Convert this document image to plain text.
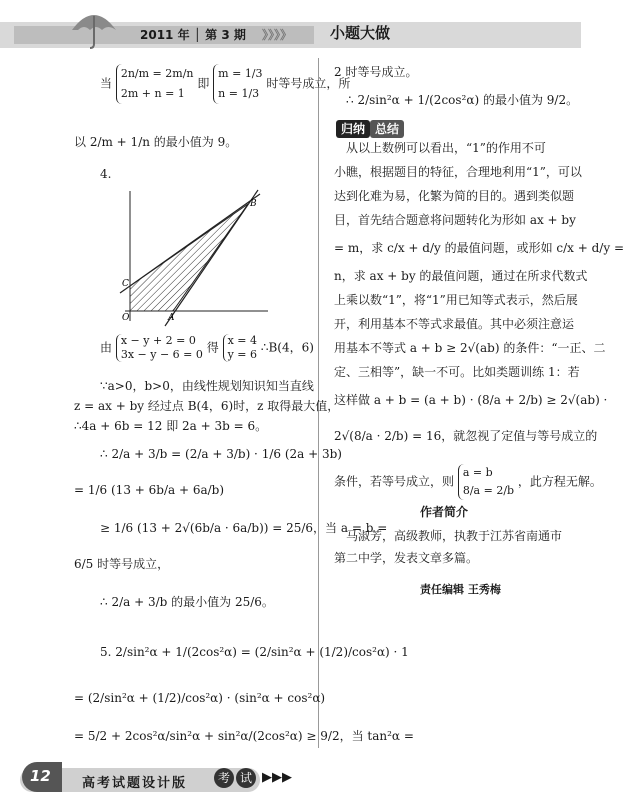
2011 年 │ 第 3 期 》》》》	小题大做
当
2n/m = 2m/n
2m + n = 1
即
m = 1/3
n = 1/3
时等号成立，所
以 2/m + 1/n 的最小值为 9。
4.
B
C
O	A
由 x − y + 2 = 0
3x − y − 6 = 0 得 x = 4
y = 6 ∴B(4，6)
∵a>0，b>0，由线性规划知识知当直线
z = ax + by 经过点 B(4，6)时，z 取得最大值，
∴4a + 6b = 12 即 2a + 3b = 6。
∴ 2/a + 3/b = (2/a + 3/b) · 1/6 (2a + 3b)
= 1/6 (13 + 6b/a + 6a/b)
≥ 1/6 (13 + 2√(6b/a · 6a/b)) = 25/6，当 a = b =
6/5 时等号成立，
∴ 2/a + 3/b 的最小值为 25/6。
5. 2/sin²α + 1/(2cos²α) = (2/sin²α + (1/2)/cos²α) · 1
= (2/sin²α + (1/2)/cos²α) · (sin²α + cos²α)
= 5/2 + 2cos²α/sin²α + sin²α/(2cos²α) ≥ 9/2，当 tan²α =
2 时等号成立。
∴ 2/sin²α + 1/(2cos²α) 的最小值为 9/2。
归纳 总结
从以上数例可以看出，“1”的作用不可
小瞧，根据题目的特征，合理地利用“1”，可以
达到化难为易，化繁为简的目的。遇到类似题
目，首先结合题意将问题转化为形如 ax + by
= m，求 c/x + d/y 的最值问题，或形如 c/x + d/y =
n，求 ax + by 的最值问题，通过在所求代数式
上乘以数“1”，将“1”用已知等式表示，然后展
开，利用基本不等式求最值。其中必须注意运
用基本不等式 a + b ≥ 2√(ab) 的条件：“一正、二
定、三相等”，缺一不可。比如类题训练 1：若
这样做 a + b = (a + b) · (8/a + 2/b) ≥ 2√(ab) ·
2√(8/a · 2/b) = 16，就忽视了定值与等号成立的
条件，若等号成立，则
a = b
8/a = 2/b
，此方程无解。
作者简介
马淑芳，高级教师，执教于江苏省南通市
第二中学，发表文章多篇。
责任编辑 王秀梅
12 高考试题设计版	考 试 ▶▶▶
